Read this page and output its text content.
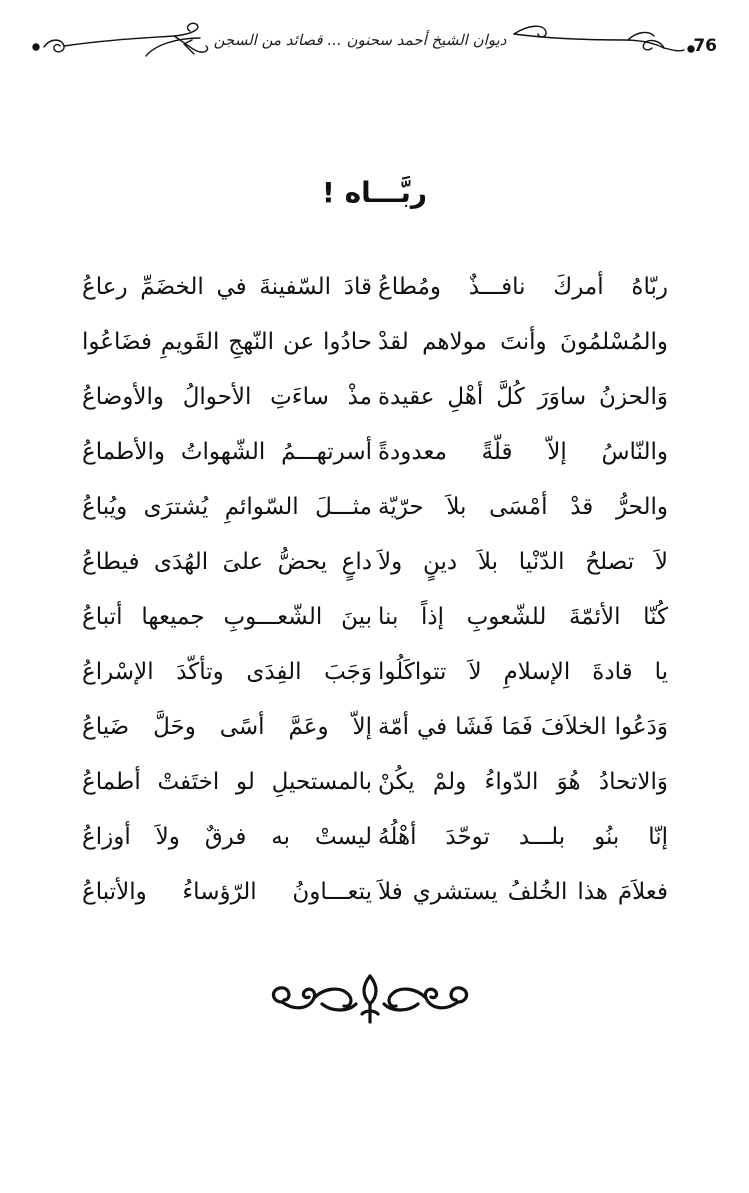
ديوان الشيخ أحمد سحنون ... قصائد من السجن	76
ربَّـــاه !
ربّاهُ أمركَ نافـــذٌ ومُطاعُ
قادَ السّفينةَ في الخضَمِّ رعاعُ
والمُسْلمُونَ وأنتَ مولاهم لقدْ
حادُوا عن النّهجِ القَويمِ فضَاعُوا
وَالحزنُ ساوَرَ كُلَّ أهْلِ عقيدة
مذْ ساءَتِ الأحوالُ والأوضاعُ
والنّاسُ إلاّ قلّةً معدودةً
أسرتهـــمُ الشّهواتُ والأطماعُ
والحرُّ قدْ أمْسَى بلاَ حرّيّة
مثـــلَ السّوائمِ يُشترَى ويُباعُ
لاَ تصلحُ الدّنْيا بلاَ دينٍ ولاَ
داعٍ يحضُّ علىَ الهُدَى فيطاعُ
كُنّا الأئمّةَ للشّعوبِ إذاً بنا
بينَ الشّعـــوبِ جميعها أتباعُ
يا قادةَ الإسلامِ لاَ تتواكَلُوا
وَجَبَ الفِدَى وتأكّدَ الإسْراعُ
وَدَعُوا الخلاَفَ فَمَا فَشَا في أمّة
إلاّ وعَمَّ أسًى وحَلَّ ضَياعُ
وَالاتحادُ هُوَ الدّواءُ ولمْ يكُنْ
بالمستحيلِ لو اختَفتْ أطماعُ
إنّا بنُو بلـــد توحّدَ أهْلُهُ
ليستْ به فرقٌ ولاَ أوزاعُ
فعلاَمَ هذا الخُلفُ يستشري فلاَ
يتعـــاونُ الرّؤساءُ والأتباعُ
